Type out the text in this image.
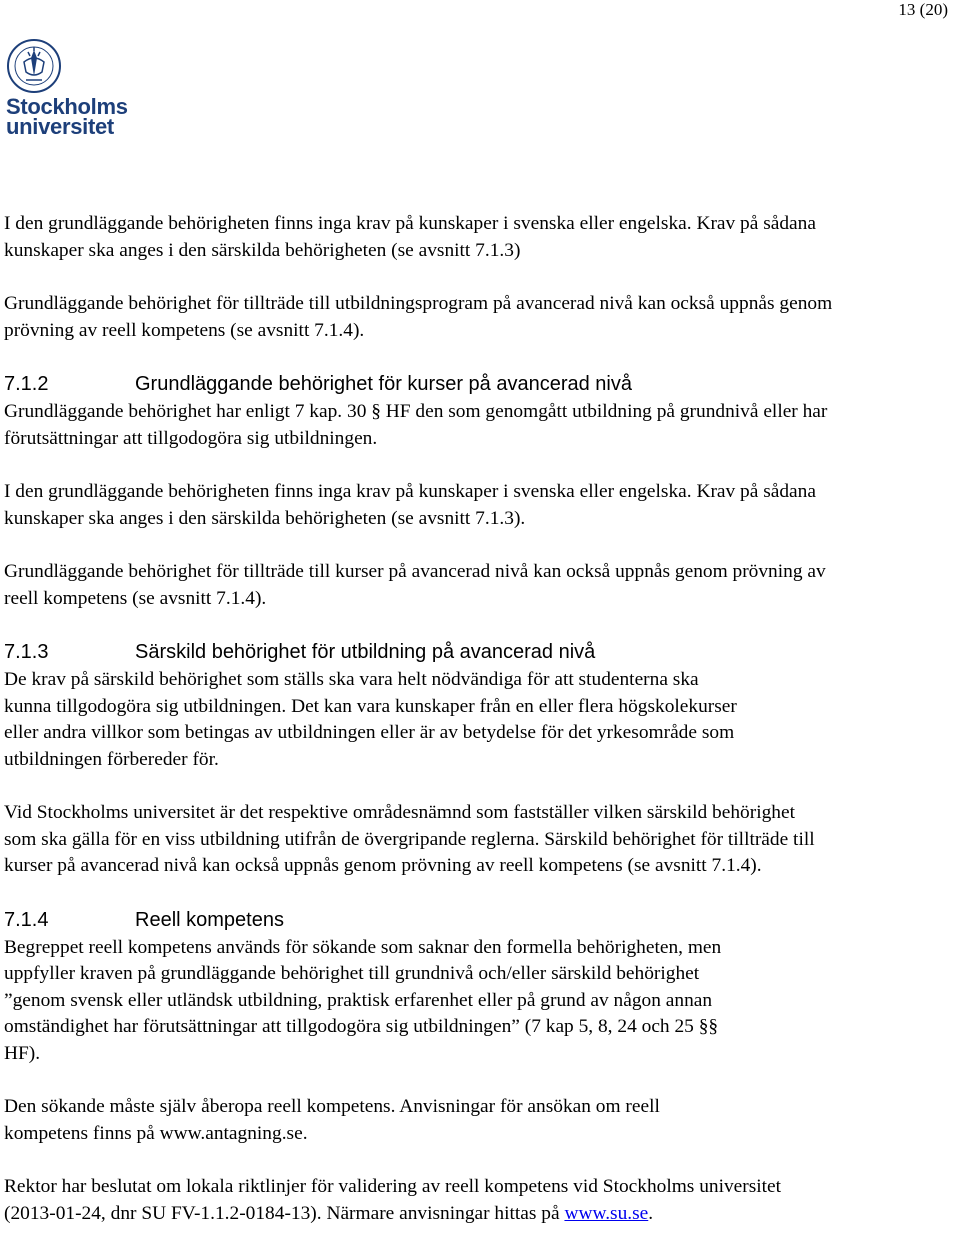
13 (20)
Stockholms
universitet

I den grundläggande behörigheten finns inga krav på kunskaper i svenska eller engelska. Krav på sådana
kunskaper ska anges i den särskilda behörigheten (se avsnitt 7.1.3)

Grundläggande behörighet för tillträde till utbildningsprogram på avancerad nivå kan också uppnås genom
prövning av reell kompetens (se avsnitt 7.1.4).

7.1.2	Grundläggande behörighet för kurser på avancerad nivå

Grundläggande behörighet har enligt 7 kap. 30 § HF den som genomgått utbildning på grundnivå eller har
förutsättningar att tillgodogöra sig utbildningen.

I den grundläggande behörigheten finns inga krav på kunskaper i svenska eller engelska. Krav på sådana
kunskaper ska anges i den särskilda behörigheten (se avsnitt 7.1.3).

Grundläggande behörighet för tillträde till kurser på avancerad nivå kan också uppnås genom prövning av
reell kompetens (se avsnitt 7.1.4).

7.1.3	Särskild behörighet för utbildning på avancerad nivå

De krav på särskild behörighet som ställs ska vara helt nödvändiga för att studenterna ska
kunna tillgodogöra sig utbildningen. Det kan vara kunskaper från en eller flera högskolekurser
eller andra villkor som betingas av utbildningen eller är av betydelse för det yrkesområde som
utbildningen förbereder för.

Vid Stockholms universitet är det respektive områdesnämnd som fastställer vilken särskild behörighet
som ska gälla för en viss utbildning utifrån de övergripande reglerna. Särskild behörighet för tillträde till
kurser på avancerad nivå kan också uppnås genom prövning av reell kompetens (se avsnitt 7.1.4).

7.1.4	Reell kompetens

Begreppet reell kompetens används för sökande som saknar den formella behörigheten, men
uppfyller kraven på grundläggande behörighet till grundnivå och/eller särskild behörighet
”genom svensk eller utländsk utbildning, praktisk erfarenhet eller på grund av någon annan
omständighet har förutsättningar att tillgodogöra sig utbildningen” (7 kap 5, 8, 24 och 25 §§
HF).

Den sökande måste själv åberopa reell kompetens. Anvisningar för ansökan om reell
kompetens finns på www.antagning.se.

Rektor har beslutat om lokala riktlinjer för validering av reell kompetens vid Stockholms universitet
(2013-01-24, dnr SU FV-1.1.2-0184-13). Närmare anvisningar hittas på www.su.se.
